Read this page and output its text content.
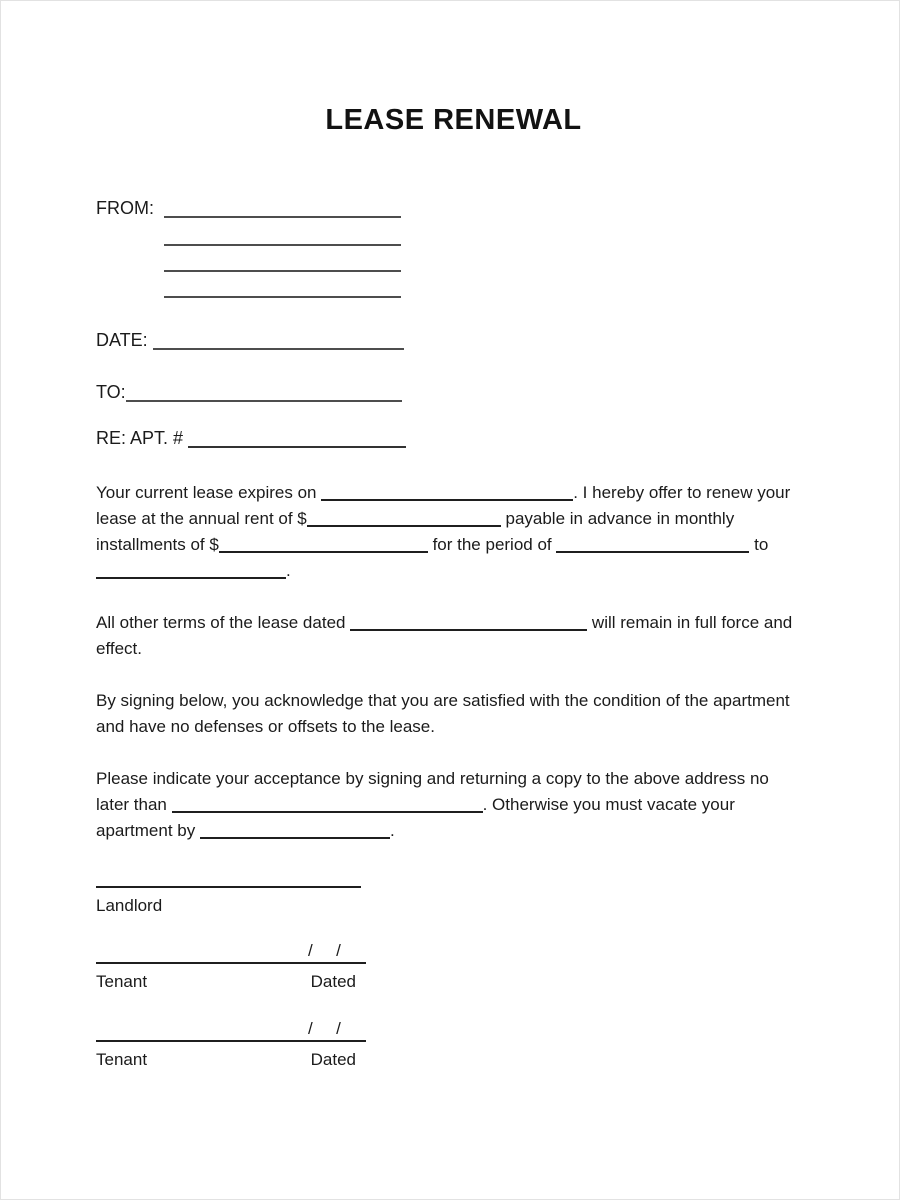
LEASE RENEWAL
FROM:
DATE:
TO:
RE: APT. #
Your current lease expires on	. I hereby offer to renew your
lease at the annual rent of $	payable in advance in monthly
installments of $	for the period of	to
.
All other terms of the lease dated	will remain in full force and
effect.
By signing below, you acknowledge that you are satisfied with the condition of the apartment
and have no defenses or offsets to the lease.
Please indicate your acceptance by signing and returning a copy to the above address no
later than	. Otherwise you must vacate your
apartment by	.
Landlord
/  /
Tenant	Dated
/  /
Tenant	Dated
